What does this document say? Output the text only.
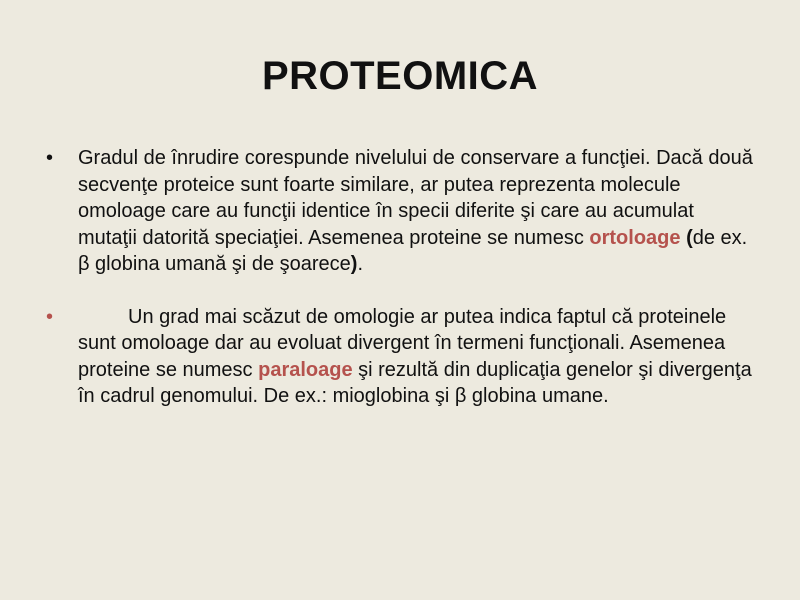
PROTEOMICA
• Gradul de înrudire corespunde nivelului de conservare a funcţiei. Dacă două secvenţe proteice sunt foarte similare, ar putea reprezenta molecule omoloage care au funcţii identice în specii diferite şi care au acumulat mutaţii datorită speciaţiei. Asemenea proteine se numesc ortoloage (de ex. β globina umană şi de şoarece).
•	Un grad mai scăzut de omologie ar putea indica faptul că proteinele sunt omoloage dar au evoluat divergent în termeni funcţionali. Asemenea proteine se numesc paraloage şi rezultă din duplicaţia genelor şi divergenţa în cadrul genomului. De ex.: mioglobina şi β globina umane.
